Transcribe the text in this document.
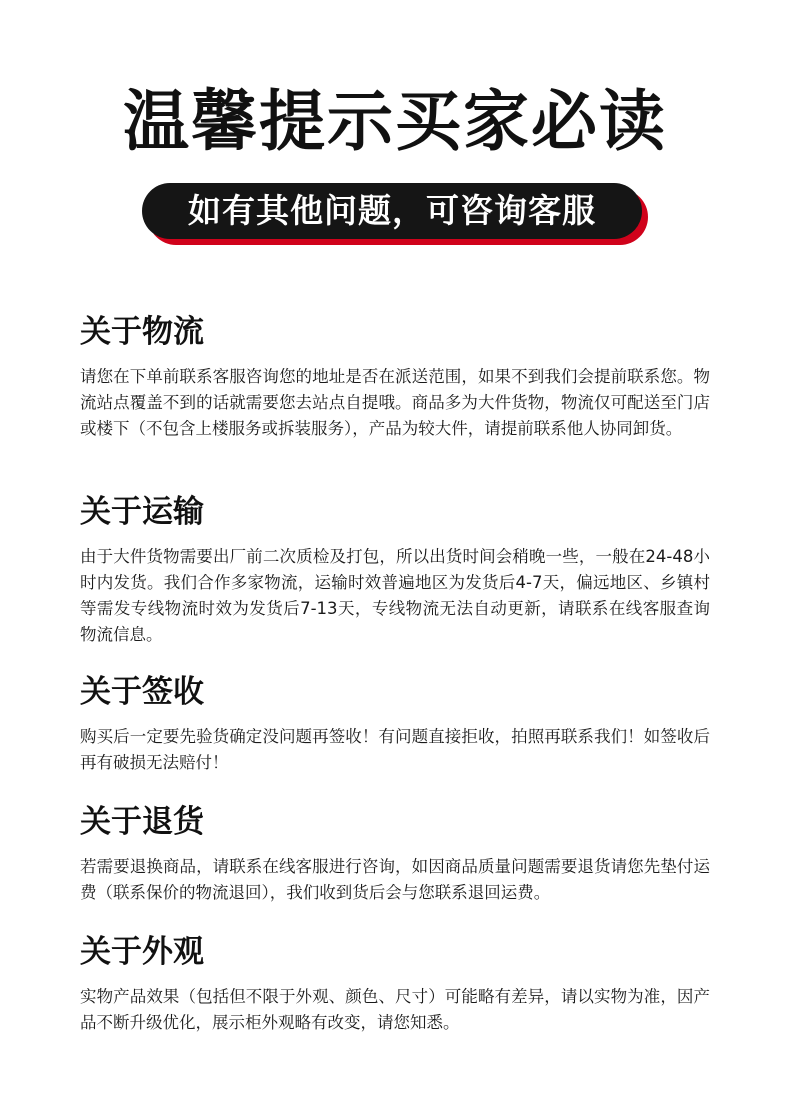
温馨提示买家必读
如有其他问题，可咨询客服
关于物流

请您在下单前联系客服咨询您的地址是否在派送范围，如果不到我们会提前联系您。物流站点覆盖不到的话就需要您去站点自提哦。商品多为大件货物，物流仅可配送至门店或楼下（不包含上楼服务或拆装服务），产品为较大件，请提前联系他人协同卸货。

关于运输

由于大件货物需要出厂前二次质检及打包，所以出货时间会稍晚一些，一般在24-48小时内发货。我们合作多家物流，运输时效普遍地区为发货后4-7天，偏远地区、乡镇村等需发专线物流时效为发货后7-13天，专线物流无法自动更新，请联系在线客服查询物流信息。

关于签收

购买后一定要先验货确定没问题再签收！有问题直接拒收，拍照再联系我们！如签收后再有破损无法赔付！

关于退货

若需要退换商品，请联系在线客服进行咨询，如因商品质量问题需要退货请您先垫付运费（联系保价的物流退回），我们收到货后会与您联系退回运费。

关于外观

实物产品效果（包括但不限于外观、颜色、尺寸）可能略有差异，请以实物为准，因产品不断升级优化，展示柜外观略有改变，请您知悉。
